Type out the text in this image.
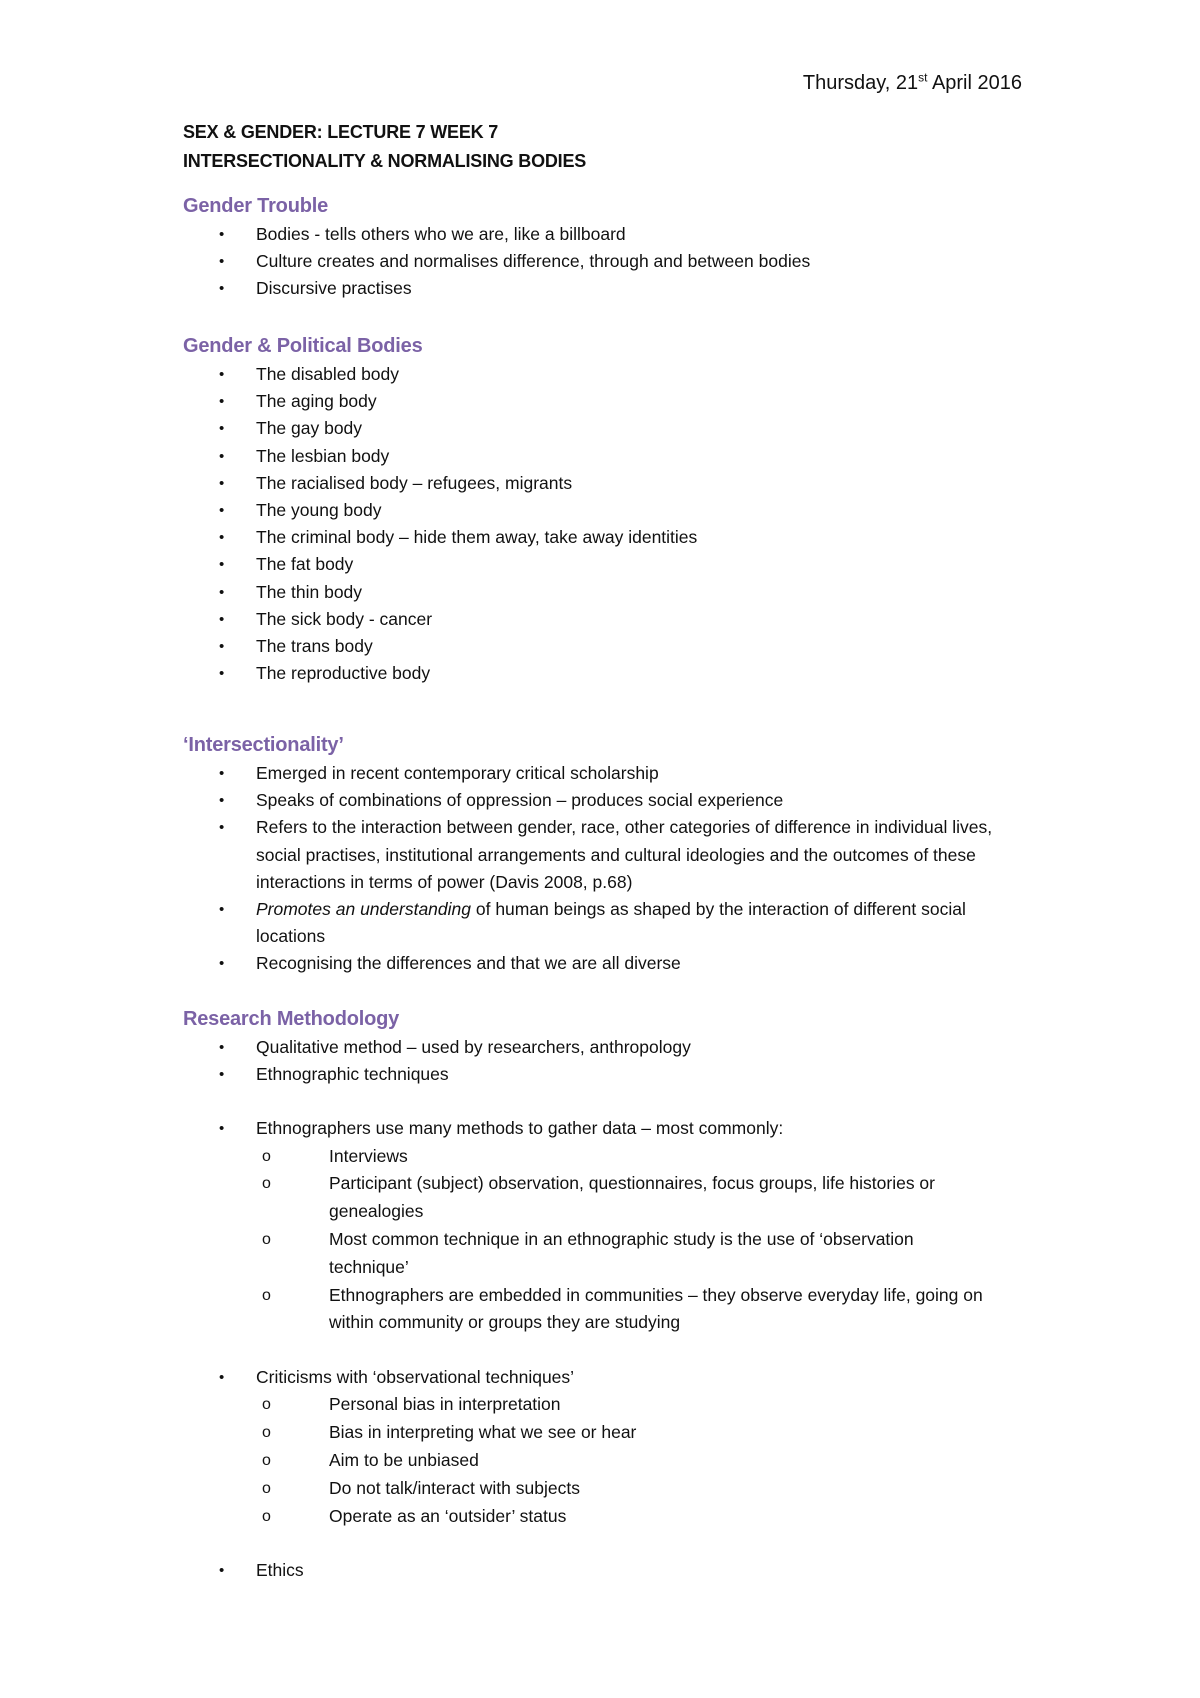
Thursday, 21st April 2016
SEX & GENDER: LECTURE 7 WEEK 7
INTERSECTIONALITY & NORMALISING BODIES
Gender Trouble
• Bodies - tells others who we are, like a billboard
• Culture creates and normalises difference, through and between bodies
• Discursive practises
Gender & Political Bodies
• The disabled body
• The aging body
• The gay body
• The lesbian body
• The racialised body – refugees, migrants
• The young body
• The criminal body – hide them away, take away identities
• The fat body
• The thin body
• The sick body - cancer
• The trans body
• The reproductive body
‘Intersectionality’
• Emerged in recent contemporary critical scholarship
• Speaks of combinations of oppression – produces social experience
• Refers to the interaction between gender, race, other categories of difference in individual lives, social practises, institutional arrangements and cultural ideologies and the outcomes of these interactions in terms of power (Davis 2008, p.68)
• Promotes an understanding of human beings as shaped by the interaction of different social locations
• Recognising the differences and that we are all diverse
Research Methodology
• Qualitative method – used by researchers, anthropology
• Ethnographic techniques
• Ethnographers use many methods to gather data – most commonly:
o	Interviews
o	Participant (subject) observation, questionnaires, focus groups, life histories or genealogies
o	Most common technique in an ethnographic study is the use of ‘observation technique’
o	Ethnographers are embedded in communities – they observe everyday life, going on within community or groups they are studying
• Criticisms with ‘observational techniques’
o	Personal bias in interpretation
o	Bias in interpreting what we see or hear
o	Aim to be unbiased
o	Do not talk/interact with subjects
o	Operate as an ‘outsider’ status
• Ethics
